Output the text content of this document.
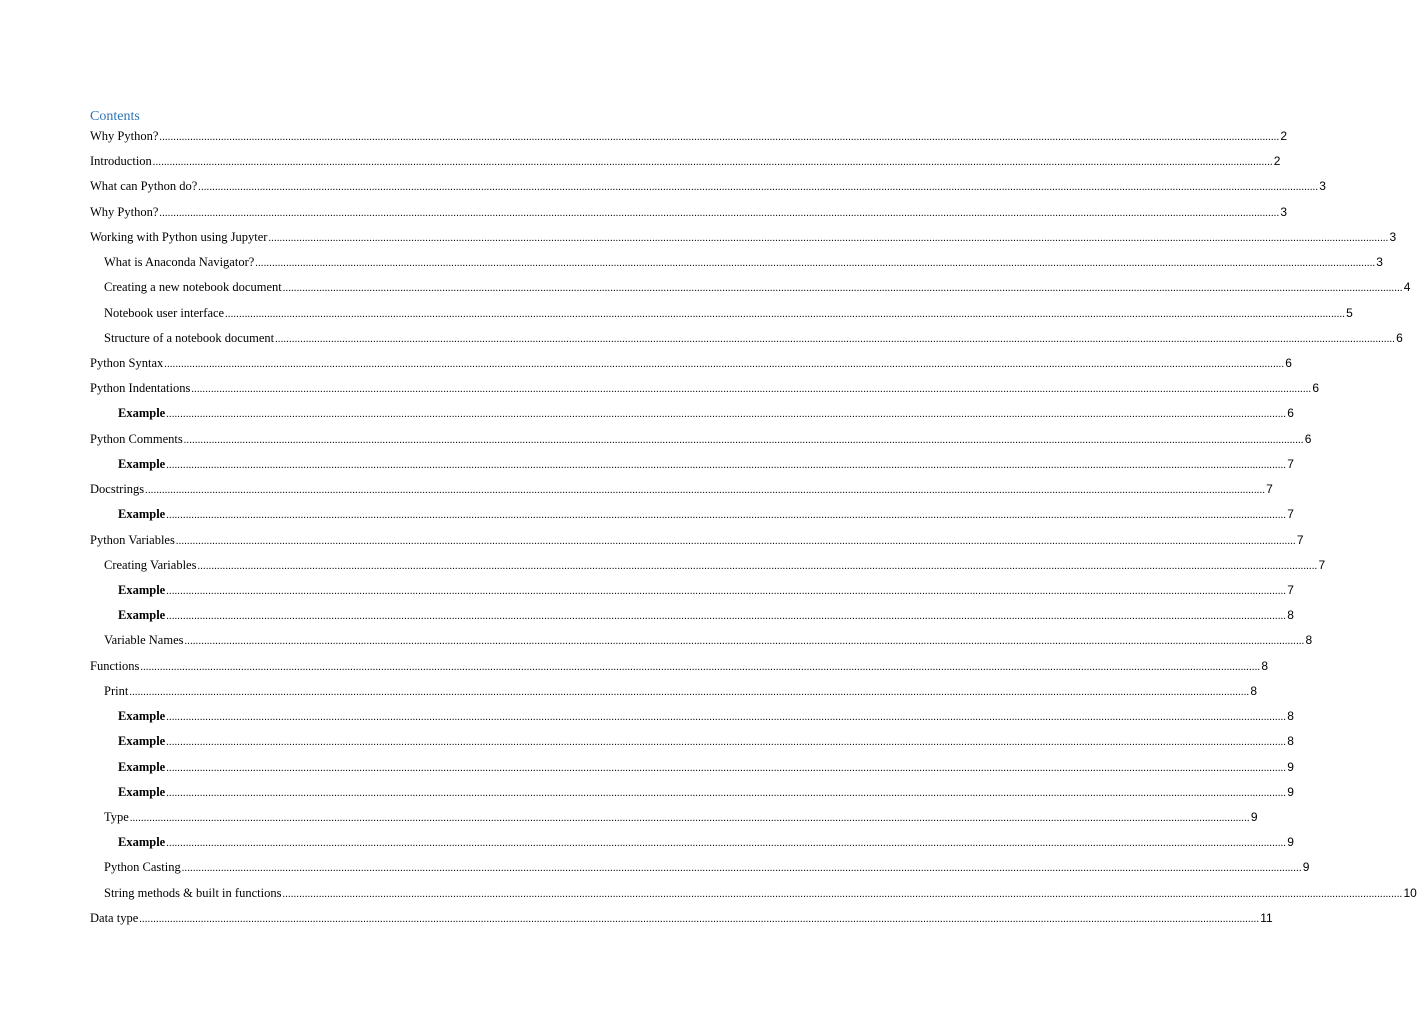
Contents
Why Python? ................................................................................................................................................................................................................................................................................................................................................................................................................ 2
Introduction ................................................................................................................................................................................................................................................................................................................................................................................................................ 2
What can Python do? ................................................................................................................................................................................................................................................................................................................................................................................................................ 3
Why Python? ................................................................................................................................................................................................................................................................................................................................................................................................................ 3
Working with Python using Jupyter ................................................................................................................................................................................................................................................................................................................................................................................................................ 3
What is Anaconda Navigator? ................................................................................................................................................................................................................................................................................................................................................................................................................ 3
Creating a new notebook document ................................................................................................................................................................................................................................................................................................................................................................................................................ 4
Notebook user interface ................................................................................................................................................................................................................................................................................................................................................................................................................ 5
Structure of a notebook document ................................................................................................................................................................................................................................................................................................................................................................................................................ 6
Python Syntax ................................................................................................................................................................................................................................................................................................................................................................................................................ 6
Python Indentations ................................................................................................................................................................................................................................................................................................................................................................................................................ 6
Example ................................................................................................................................................................................................................................................................................................................................................................................................................ 6
Python Comments ................................................................................................................................................................................................................................................................................................................................................................................................................ 6
Example ................................................................................................................................................................................................................................................................................................................................................................................................................ 7
Docstrings ................................................................................................................................................................................................................................................................................................................................................................................................................ 7
Example ................................................................................................................................................................................................................................................................................................................................................................................................................ 7
Python Variables ................................................................................................................................................................................................................................................................................................................................................................................................................ 7
Creating Variables ................................................................................................................................................................................................................................................................................................................................................................................................................ 7
Example ................................................................................................................................................................................................................................................................................................................................................................................................................ 7
Example ................................................................................................................................................................................................................................................................................................................................................................................................................ 8
Variable Names ................................................................................................................................................................................................................................................................................................................................................................................................................ 8
Functions ................................................................................................................................................................................................................................................................................................................................................................................................................ 8
Print ................................................................................................................................................................................................................................................................................................................................................................................................................ 8
Example ................................................................................................................................................................................................................................................................................................................................................................................................................ 8
Example ................................................................................................................................................................................................................................................................................................................................................................................................................ 8
Example ................................................................................................................................................................................................................................................................................................................................................................................................................ 9
Example ................................................................................................................................................................................................................................................................................................................................................................................................................ 9
Type ................................................................................................................................................................................................................................................................................................................................................................................................................ 9
Example ................................................................................................................................................................................................................................................................................................................................................................................................................ 9
Python Casting ................................................................................................................................................................................................................................................................................................................................................................................................................ 9
String methods & built in functions ................................................................................................................................................................................................................................................................................................................................................................................................................ 10
Data type ................................................................................................................................................................................................................................................................................................................................................................................................................ 11
